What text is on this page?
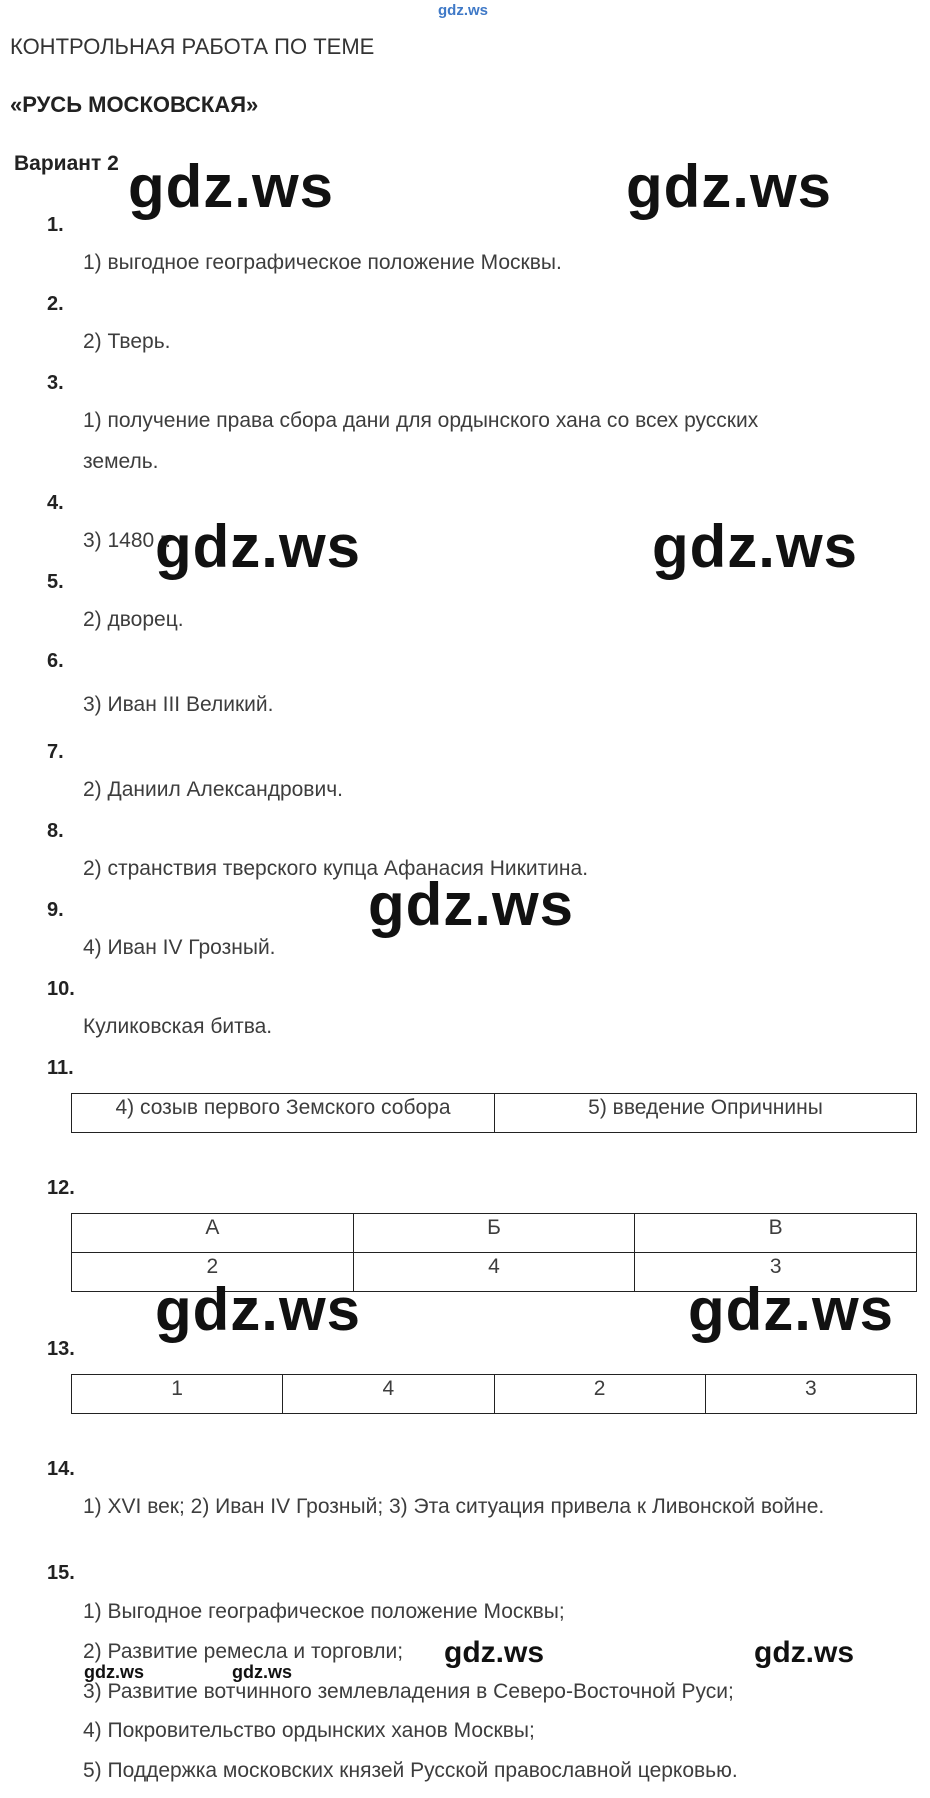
gdz.ws
КОНТРОЛЬНАЯ РАБОТА ПО ТЕМЕ
«РУСЬ МОСКОВСКАЯ»
Вариант 2
1.
1) выгодное географическое положение Москвы.
2.
2) Тверь.
3.
1) получение права сбора дани для ордынского хана со всех русских
земель.
4.
3) 1480 г.
5.
2) дворец.
6.
3) Иван III Великий.
7.
2) Даниил Александрович.
8.
2) странствия тверского купца Афанасия Никитина.
9.
4) Иван IV Грозный.
10.
Куликовская битва.
11.
4) созыв первого Земского собора	5) введение Опричнины
12.
А	Б	В
2	4	3
13.
1	4	2	3
14.
1) XVI век; 2) Иван IV Грозный; 3) Эта ситуация привела к Ливонской войне.
15.
1) Выгодное географическое положение Москвы;
2) Развитие ремесла и торговли;
3) Развитие вотчинного землевладения в Северо-Восточной Руси;
4) Покровительство ордынских ханов Москвы;
5) Поддержка московских князей Русской православной церковью.
gdz.ws	gdz.ws
gdz.ws	gdz.ws
gdz.ws
gdz.ws	gdz.ws
gdz.ws	gdz.ws
gdz.ws	gdz.ws
